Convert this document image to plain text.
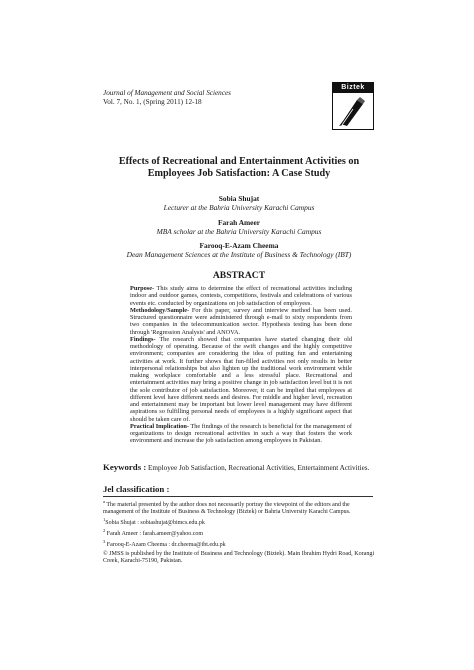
Journal of Management and Social Sciences
Vol. 7, No. 1, (Spring 2011) 12-18
Biztek
Effects of Recreational and Entertainment Activities on
Employees Job Satisfaction: A Case Study
Sobia Shujat
Lecturer at the Bahria University Karachi Campus
Farah Ameer
MBA scholar at the Bahria University Karachi Campus
Farooq-E-Azam Cheema
Dean Management Sciences at the Institute of Business & Technology (IBT)
ABSTRACT

Purpose- This study aims to determine the effect of recreational activities including indoor and outdoor games, contests, competitions, festivals and celebrations of various events etc. conducted by organizations on job satisfaction of employees.

Methodology/Sample- For this paper, survey and interview method has been used. Structured questionnaire were administered through e-mail to sixty respondents from two companies in the telecommunication sector. Hypothesis testing has been done through 'Regression Analysis' and ANOVA.

Findings- The research showed that companies have started changing their old methodology of operating. Because of the swift changes and the highly competitive environment; companies are considering the idea of putting fun and entertaining activities at work. It further shows that fun-filled activities not only results in better interpersonal relationships but also lighten up the traditional work environment while making workplace comfortable and a less stressful place. Recreational and entertainment activities may bring a positive change in job satisfaction level but it is not the sole contributor of job satisfaction. Moreover, it can be implied that employees at different level have different needs and desires. For middle and higher level, recreation and entertainment may be important but lower level management may have different aspirations so fulfilling personal needs of employees is a highly significant aspect that should be taken care of.

Practical Implication- The findings of the research is beneficial for the management of organizations to design recreational activities in such a way that fosters the work environment and increase the job satisfaction among employees in Pakistan.

Keywords : Employee Job Satisfaction, Recreational Activities, Entertainment Activities.
Jel classification :

$^a$ The material presented by the author does not necessarily portray the viewpoint of the editors and the management of the Institute of Business & Technology (Biztek) or Bahria University Karachi Campus.

$^1$Sobia Shujat : sobiashujat@bimcs.edu.pk

$^2$ Farah Ameer : farah.ameer@yahoo.com

$^3$ Farooq-E-Azam Cheema : dr.cheema@ibt.edu.pk

© JMSS is published by the Institute of Business and Technology (Biztek). Main Ibrahim Hydri Road, Korangi Creek, Karachi-75190, Pakistan.
